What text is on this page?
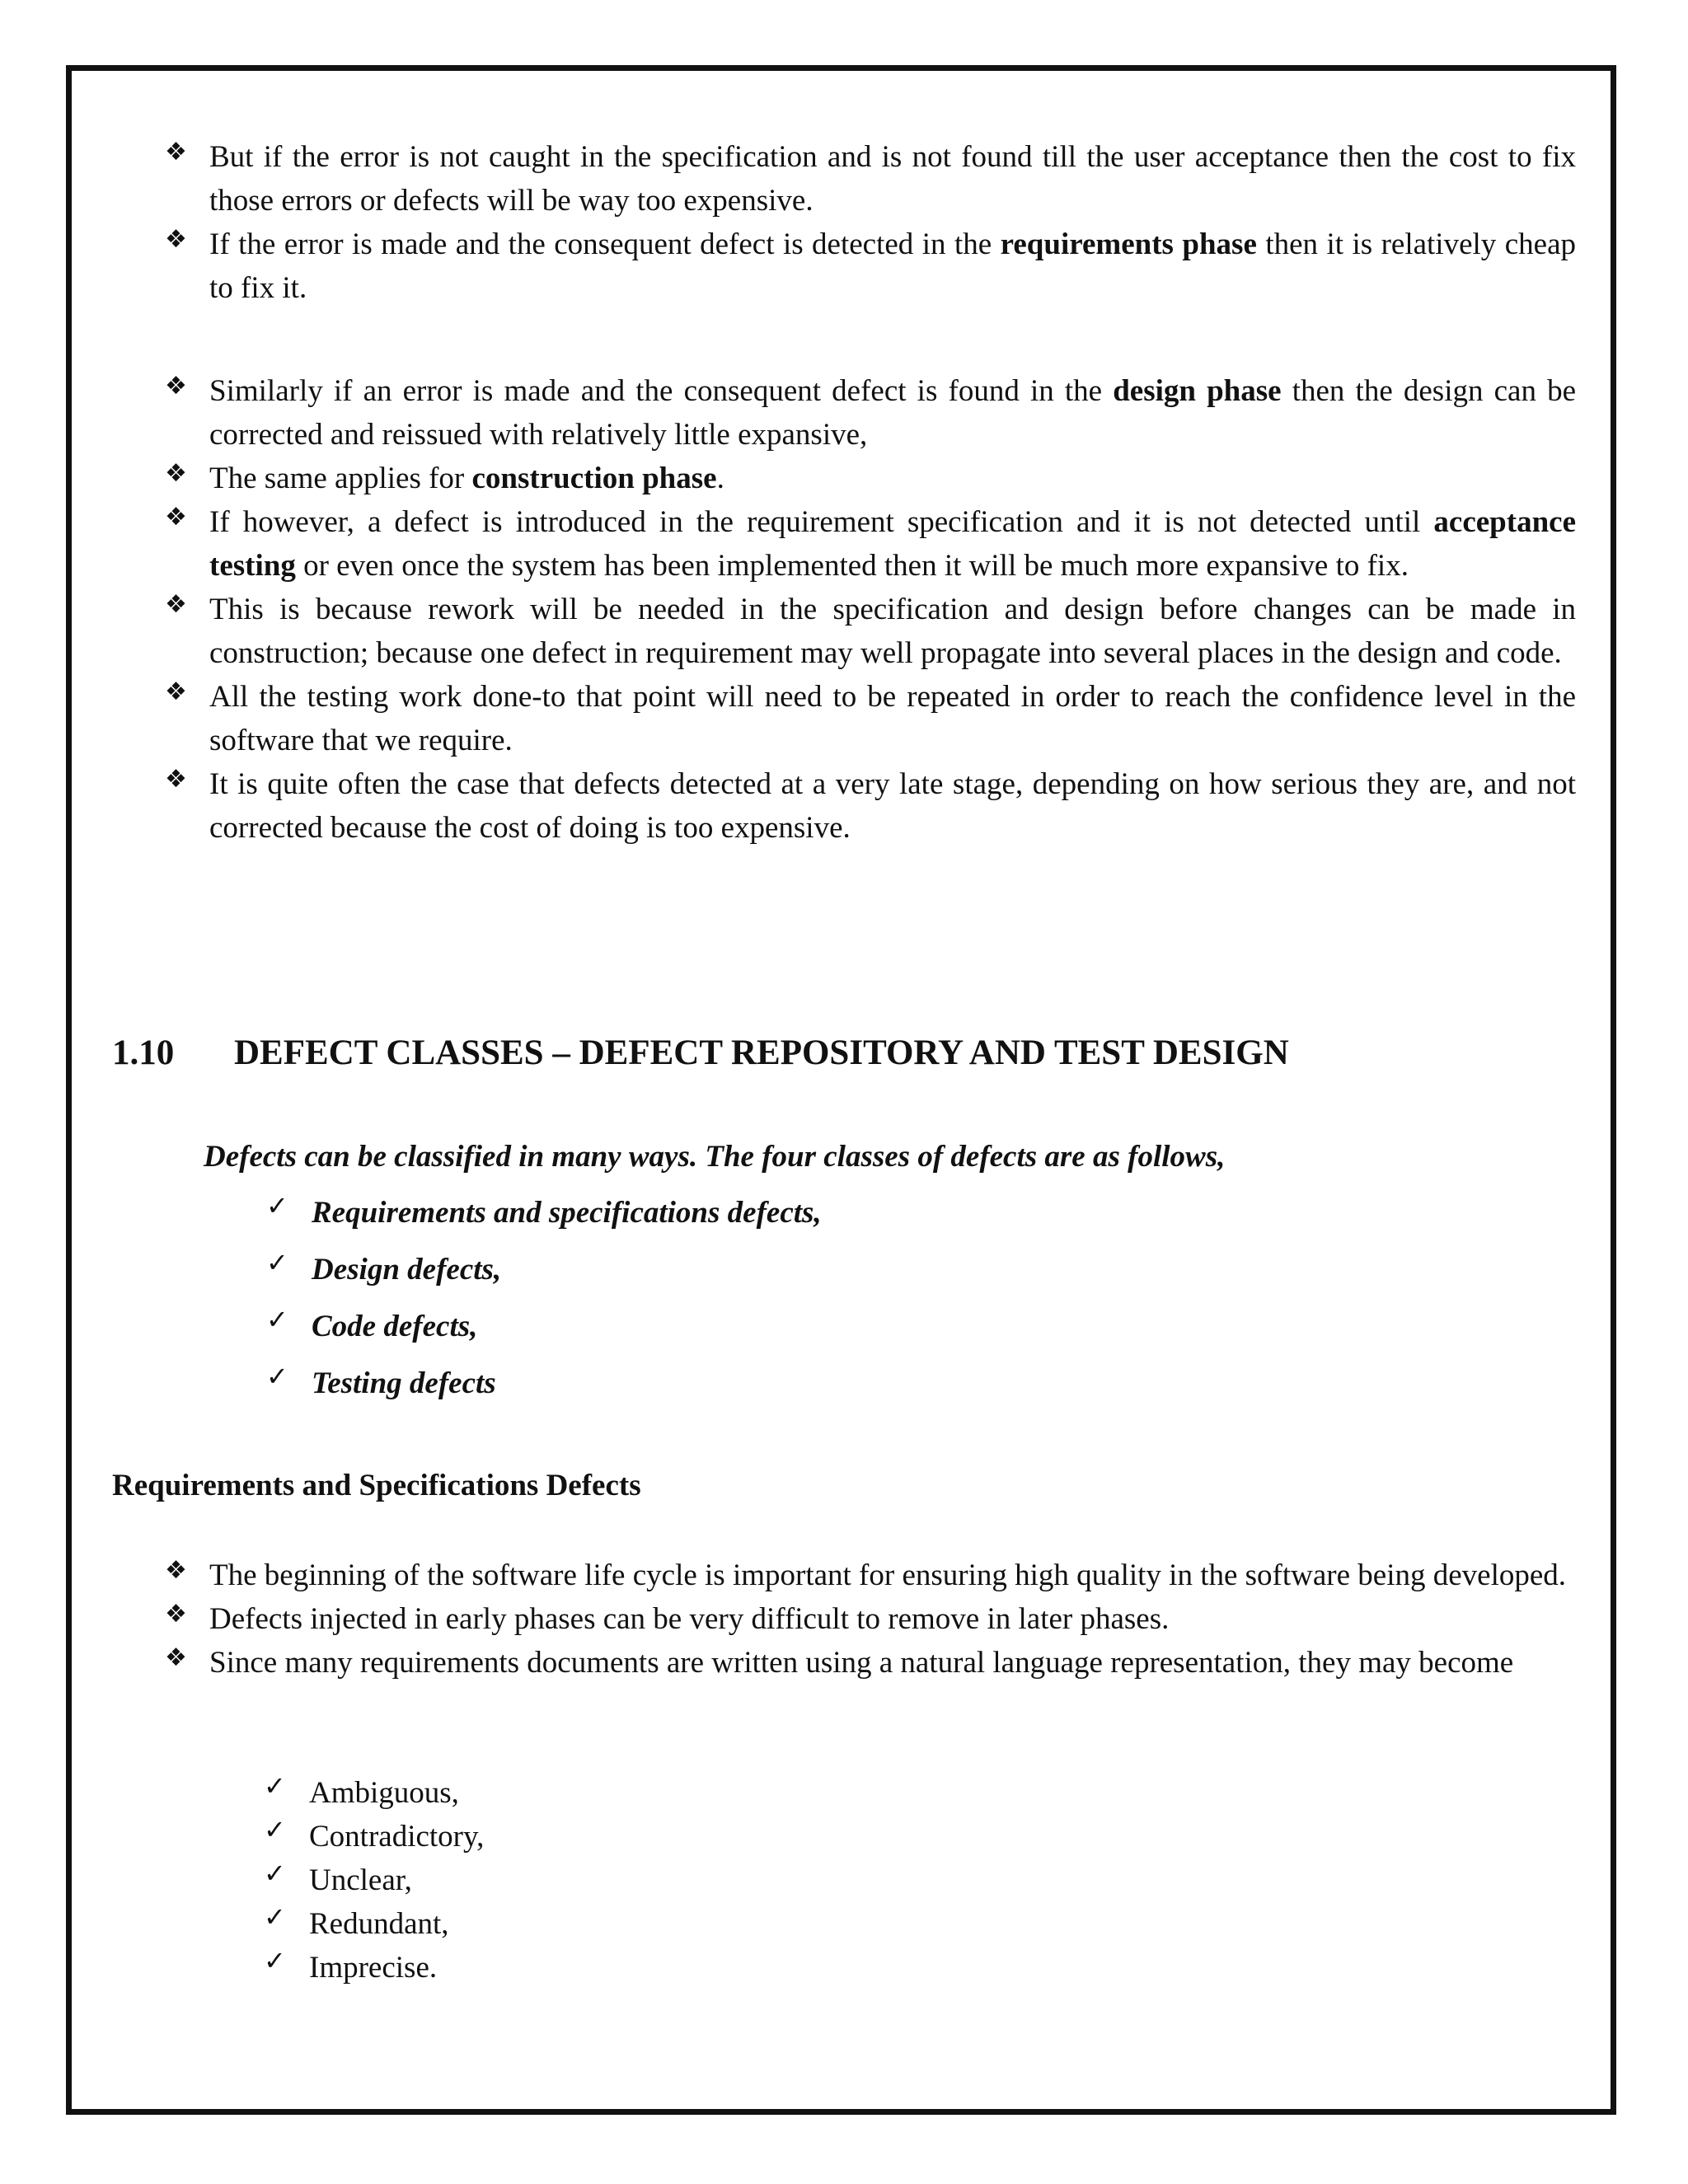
❖ But if the error is not caught in the specification and is not found till the user acceptance then the cost to fix those errors or defects will be way too expensive.
❖ If the error is made and the consequent defect is detected in the requirements phase then it is relatively cheap to fix it.
❖ Similarly if an error is made and the consequent defect is found in the design phase then the design can be corrected and reissued with relatively little expansive,
❖ The same applies for construction phase.
❖ If however, a defect is introduced in the requirement specification and it is not detected until acceptance testing or even once the system has been implemented then it will be much more expansive to fix.
❖ This is because rework will be needed in the specification and design before changes can be made in construction; because one defect in requirement may well propagate into several places in the design and code.
❖ All the testing work done-to that point will need to be repeated in order to reach the confidence level in the software that we require.
❖ It is quite often the case that defects detected at a very late stage, depending on how serious they are, and not corrected because the cost of doing is too expensive.
1.10 DEFECT CLASSES – DEFECT REPOSITORY AND TEST DESIGN
Defects can be classified in many ways. The four classes of defects are as follows,
✓ Requirements and specifications defects,
✓ Design defects,
✓ Code defects,
✓ Testing defects
Requirements and Specifications Defects
❖ The beginning of the software life cycle is important for ensuring high quality in the software being developed.
❖ Defects injected in early phases can be very difficult to remove in later phases.
❖ Since many requirements documents are written using a natural language representation, they may become
✓ Ambiguous,
✓ Contradictory,
✓ Unclear,
✓ Redundant,
✓ Imprecise.
